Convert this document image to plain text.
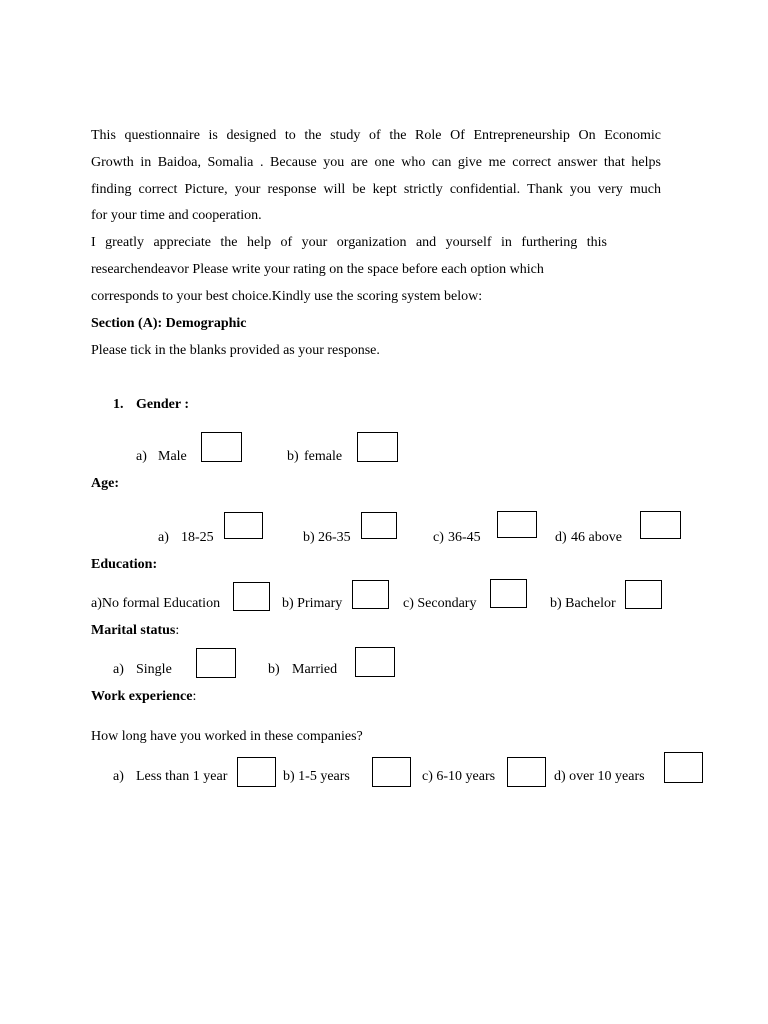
This questionnaire is designed to the study of the Role Of Entrepreneurship On Economic
Growth in Baidoa, Somalia . Because you are one who can give me correct answer that helps
finding correct Picture, your response will be kept strictly confidential. Thank you very much
for your time and cooperation.
I greatly appreciate the help of your organization and yourself in furthering this
researchendeavor Please write your rating on the space before each option which
corresponds to your best choice.Kindly use the scoring system below:
Section (A): Demographic
Please tick in the blanks provided as your response.
1. Gender :
a) Male	b) female
Age:
a) 18-25	b) 26-35	c) 36-45	d) 46 above
Education:
a)No formal Education	b) Primary	c) Secondary	b) Bachelor
Marital status:
a) Single	b) Married
Work experience:
How long have you worked in these companies?
a) Less than 1 year	b) 1-5 years	c) 6-10 years	d) over 10 years
